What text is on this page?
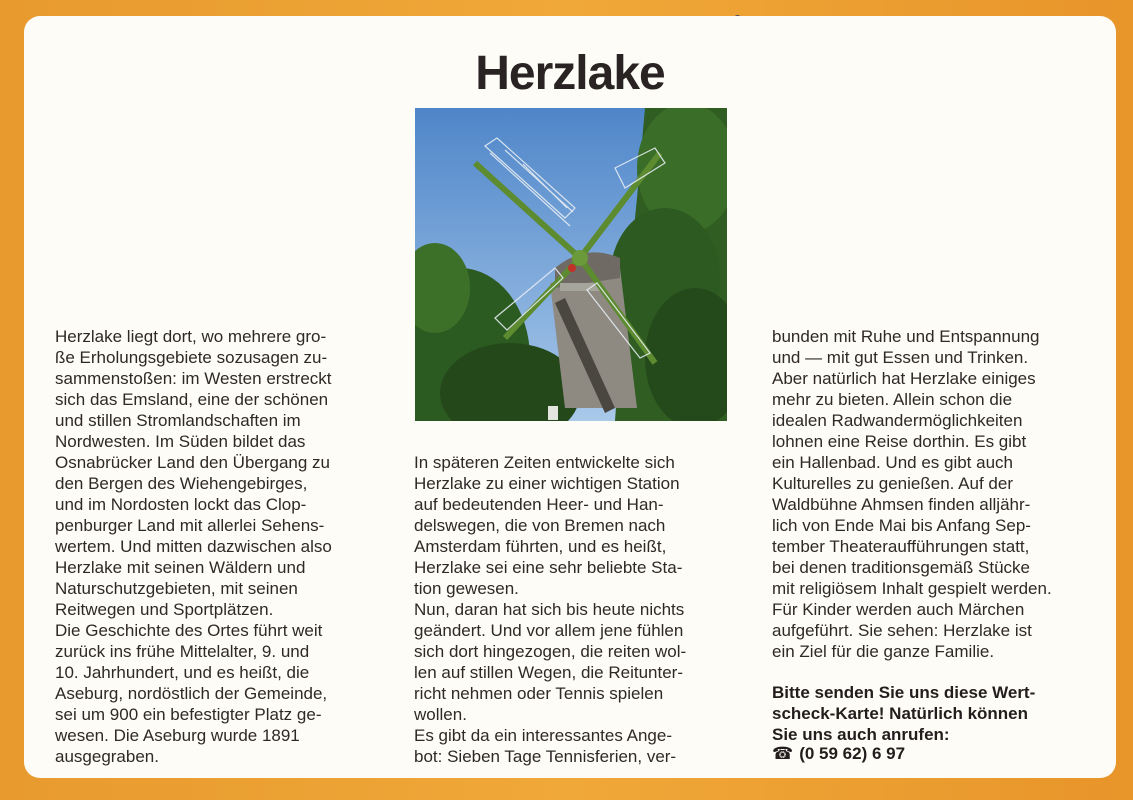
Herzlake
Herzlake liegt dort, wo mehrere gro-
ße Erholungsgebiete sozusagen zu-
sammenstoßen: im Westen erstreckt
sich das Emsland, eine der schönen
und stillen Stromlandschaften im
Nordwesten. Im Süden bildet das
Osnabrücker Land den Übergang zu
den Bergen des Wiehengebirges,
und im Nordosten lockt das Clop-
penburger Land mit allerlei Sehens-
wertem. Und mitten dazwischen also
Herzlake mit seinen Wäldern und
Naturschutzgebieten, mit seinen
Reitwegen und Sportplätzen.
Die Geschichte des Ortes führt weit
zurück ins frühe Mittelalter, 9. und
10. Jahrhundert, und es heißt, die
Aseburg, nordöstlich der Gemeinde,
sei um 900 ein befestigter Platz ge-
wesen. Die Aseburg wurde 1891
ausgegraben.
In späteren Zeiten entwickelte sich
Herzlake zu einer wichtigen Station
auf bedeutenden Heer- und Han-
delswegen, die von Bremen nach
Amsterdam führten, und es heißt,
Herzlake sei eine sehr beliebte Sta-
tion gewesen.
Nun, daran hat sich bis heute nichts
geändert. Und vor allem jene fühlen
sich dort hingezogen, die reiten wol-
len auf stillen Wegen, die Reitunter-
richt nehmen oder Tennis spielen
wollen.
Es gibt da ein interessantes Ange-
bot: Sieben Tage Tennisferien, ver-
bunden mit Ruhe und Entspannung
und — mit gut Essen und Trinken.
Aber natürlich hat Herzlake einiges
mehr zu bieten. Allein schon die
idealen Radwandermöglichkeiten
lohnen eine Reise dorthin. Es gibt
ein Hallenbad. Und es gibt auch
Kulturelles zu genießen. Auf der
Waldbühne Ahmsen finden alljähr-
lich von Ende Mai bis Anfang Sep-
tember Theateraufführungen statt,
bei denen traditionsgemäß Stücke
mit religiösem Inhalt gespielt werden.
Für Kinder werden auch Märchen
aufgeführt. Sie sehen: Herzlake ist
ein Ziel für die ganze Familie.
Bitte senden Sie uns diese Wert-
scheck-Karte! Natürlich können
Sie uns auch anrufen:
☎ (0 59 62) 6 97
